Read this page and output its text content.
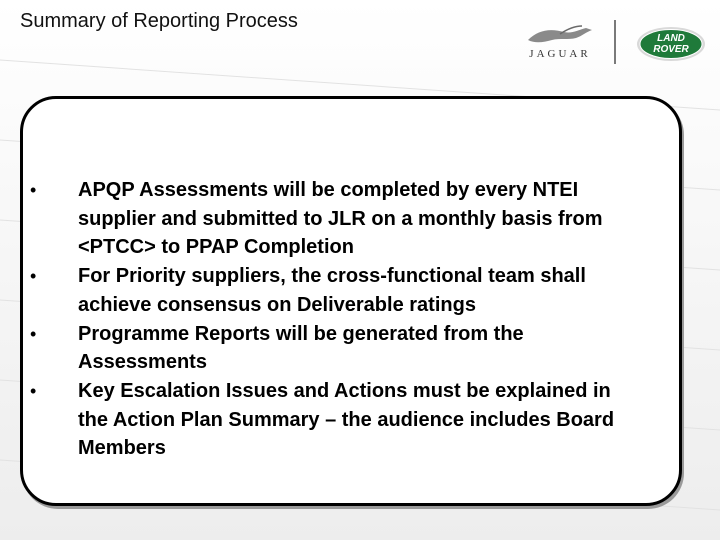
Summary of Reporting Process
JAGUAR
LAND
ROVER
• APQP Assessments will be completed by every NTEI supplier and submitted to JLR on a monthly basis from <PTCC> to PPAP Completion
• For Priority suppliers, the cross-functional team shall achieve consensus on Deliverable ratings
• Programme Reports will be generated from the Assessments
• Key Escalation Issues and Actions must be explained in the Action Plan Summary – the audience includes Board Members
